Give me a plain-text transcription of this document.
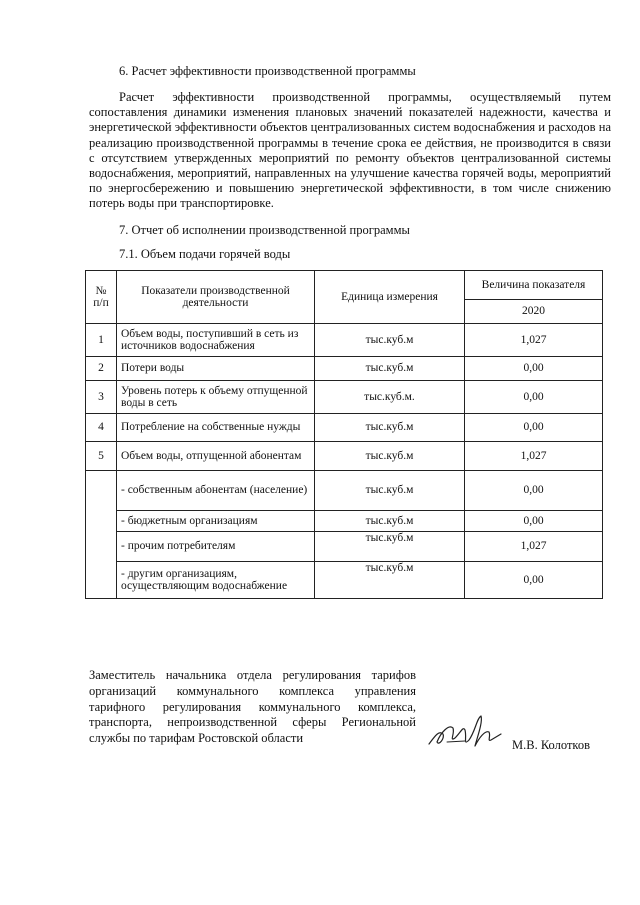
6. Расчет эффективности производственной программы

Расчет эффективности производственной программы, осуществляемый путем сопоставления динамики изменения плановых значений показателей надежности, качества и энергетической эффективности объектов централизованных систем водоснабжения и расходов на реализацию производственной программы в течение срока ее действия, не производится в связи с отсутствием утвержденных мероприятий по ремонту объектов централизованной системы водоснабжения, мероприятий, направленных на улучшение качества горячей воды, мероприятий по энергосбережению и повышению энергетической эффективности, в том числе снижению потерь воды при транспортировке.

7. Отчет об исполнении производственной программы
7.1. Объем подачи горячей воды
№ п/п	Показатели производственной деятельности	Единица измерения	Величина показателя
			2020
1	Объем воды, поступивший в сеть из источников водоснабжения	тыс.куб.м	1,027
2	Потери воды	тыс.куб.м	0,00
3	Уровень потерь к объему отпущенной воды в сеть	тыс.куб.м.	0,00
4	Потребление на собственные нужды	тыс.куб.м	0,00
5	Объем воды, отпущенной абонентам	тыс.куб.м	1,027
	- собственным абонентам (население)	тыс.куб.м	0,00
	- бюджетным организациям	тыс.куб.м	0,00
	- прочим потребителям	тыс.куб.м	1,027
	- другим организациям, осуществляющим водоснабжение	тыс.куб.м	0,00
Заместитель начальника отдела регулирования тарифов организаций коммунального комплекса управления тарифного регулирования коммунального комплекса, транспорта, непроизводственной сферы Региональной службы по тарифам Ростовской области	М.В. Колотков
